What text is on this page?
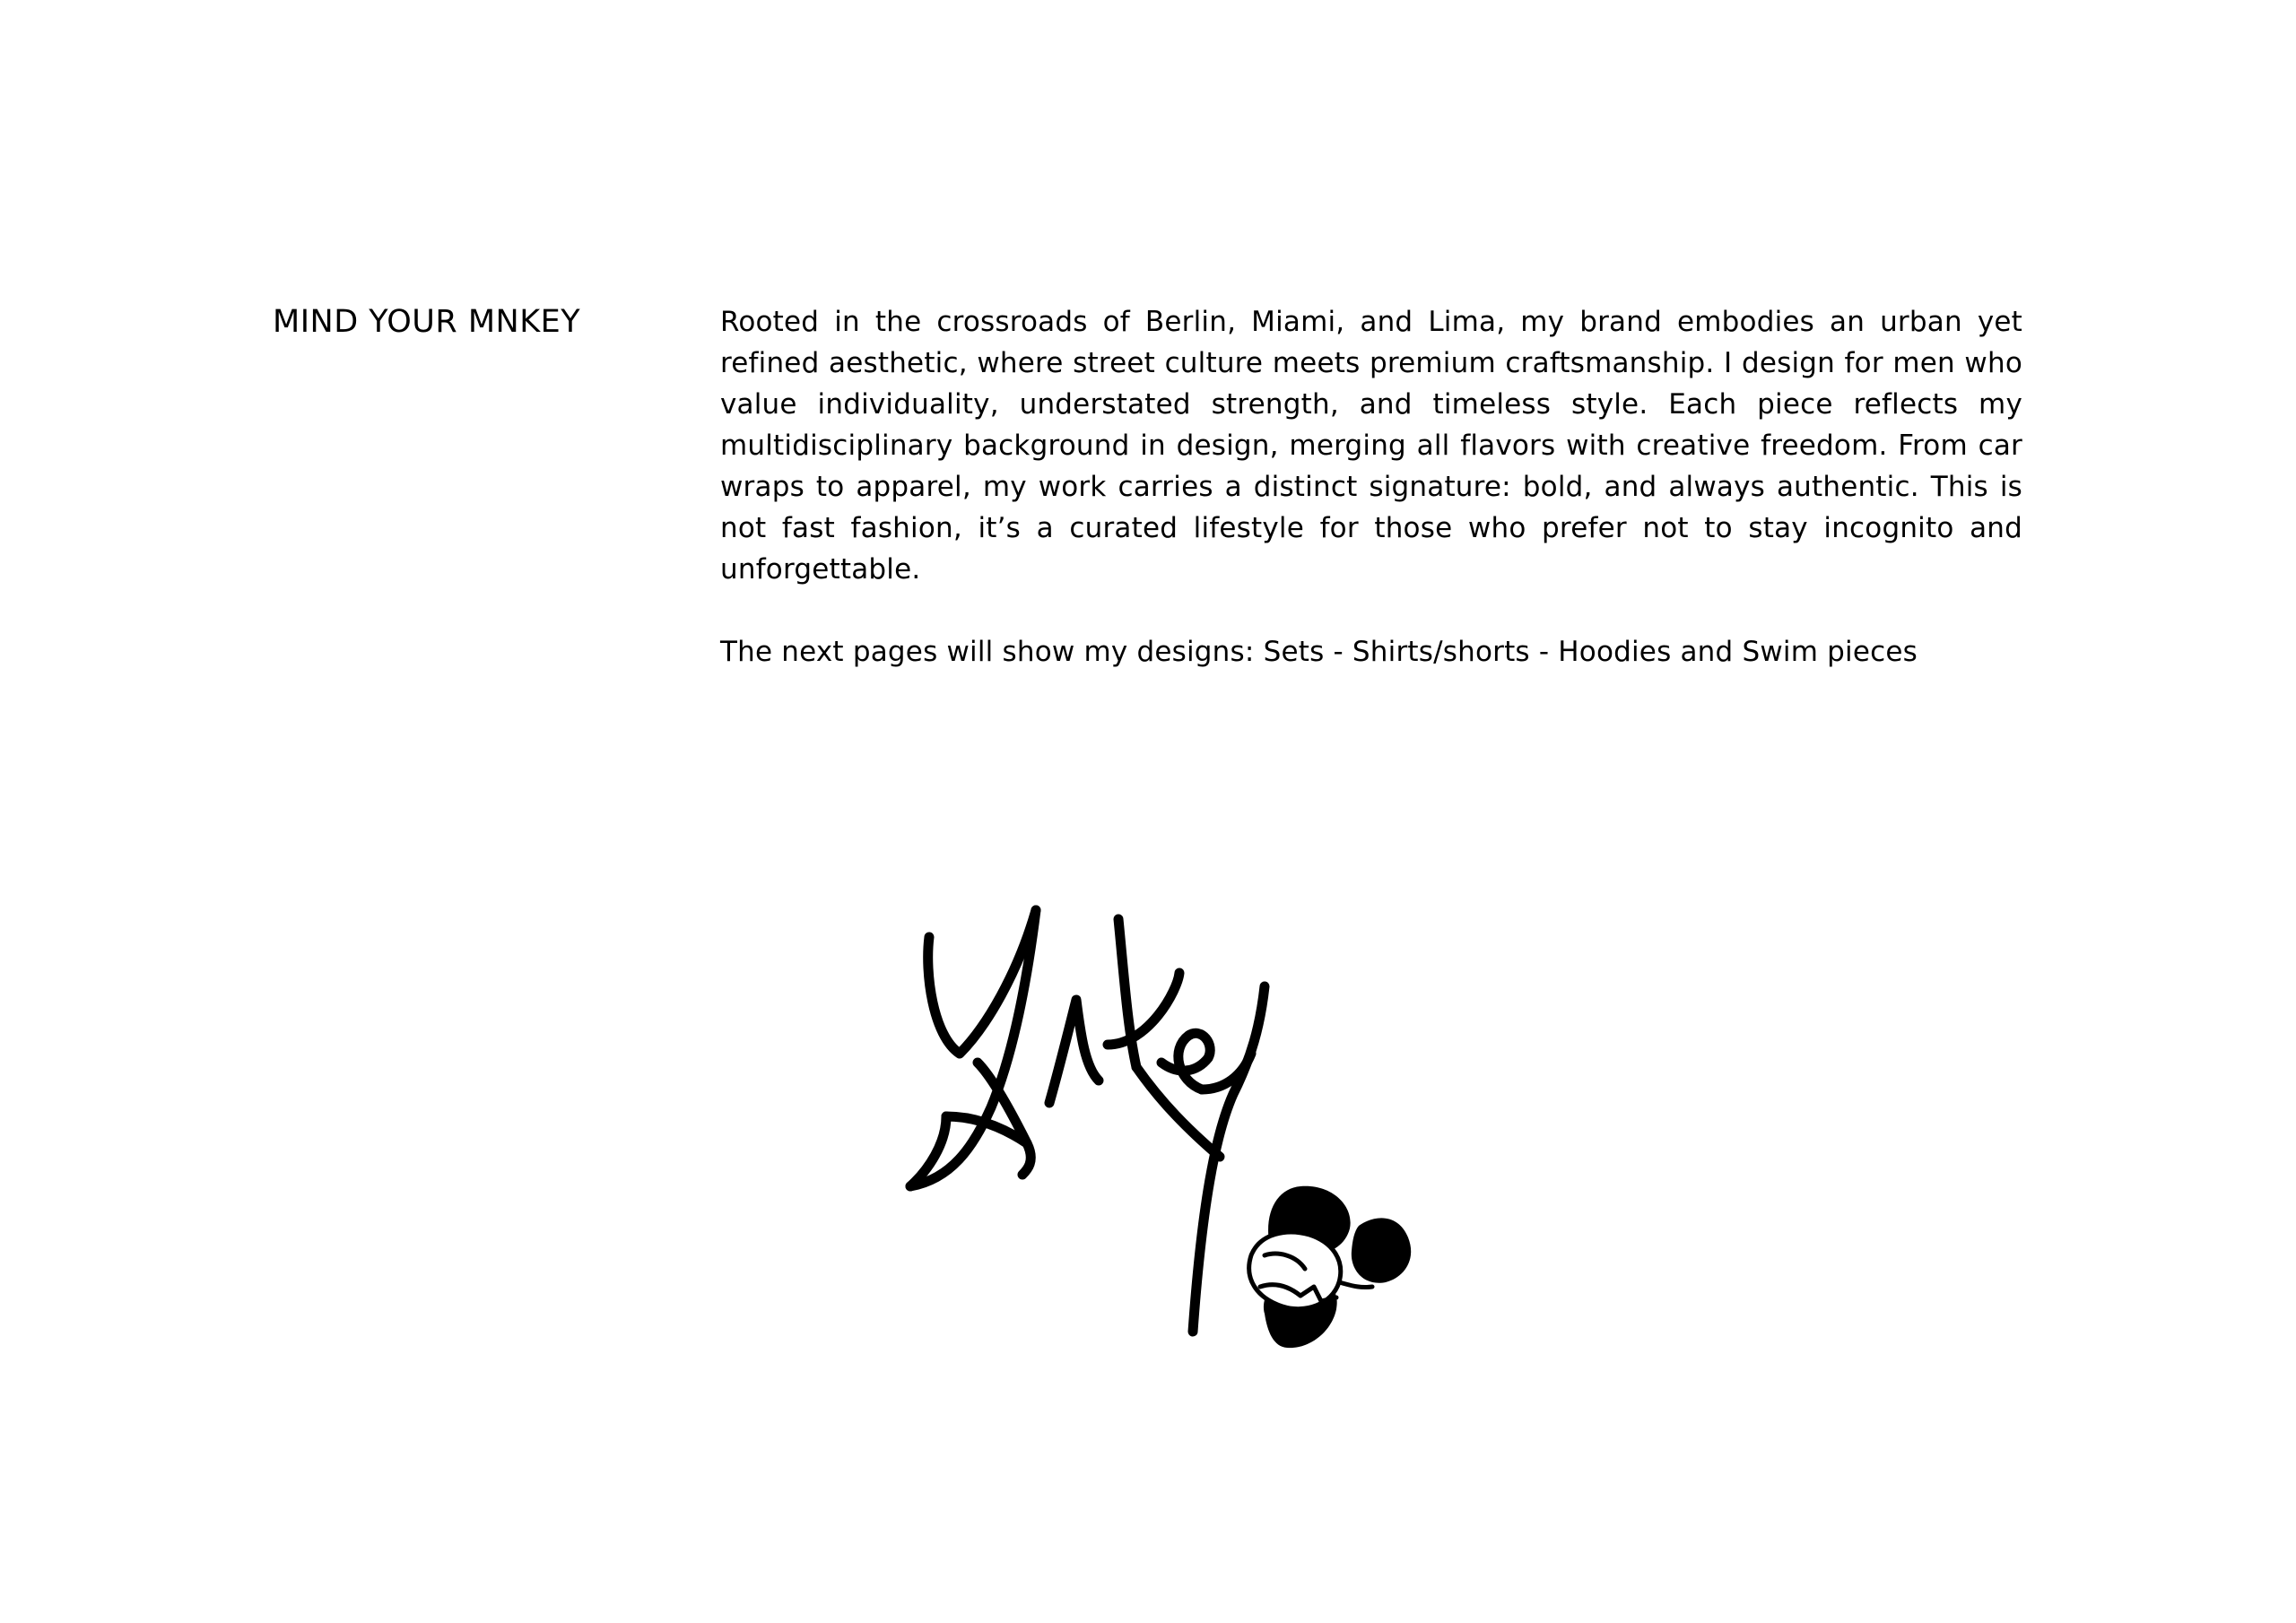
MIND YOUR MNKEY	Rooted in the crossroads of Berlin, Miami, and Lima, my brand embodies an urban yet refined aesthetic, where street culture meets premium craftsmanship. I design for men who value individuality, understated strength, and timeless style. Each piece reflects my multidisciplinary background in design, merging all flavors with creative freedom. From car wraps to apparel, my work carries a distinct signature: bold, and always authentic. This is not fast fashion, it’s a curated lifestyle for those who prefer not to stay incognito and unforgettable.

The next pages will show my designs: Sets - Shirts/shorts - Hoodies and Swim pieces
